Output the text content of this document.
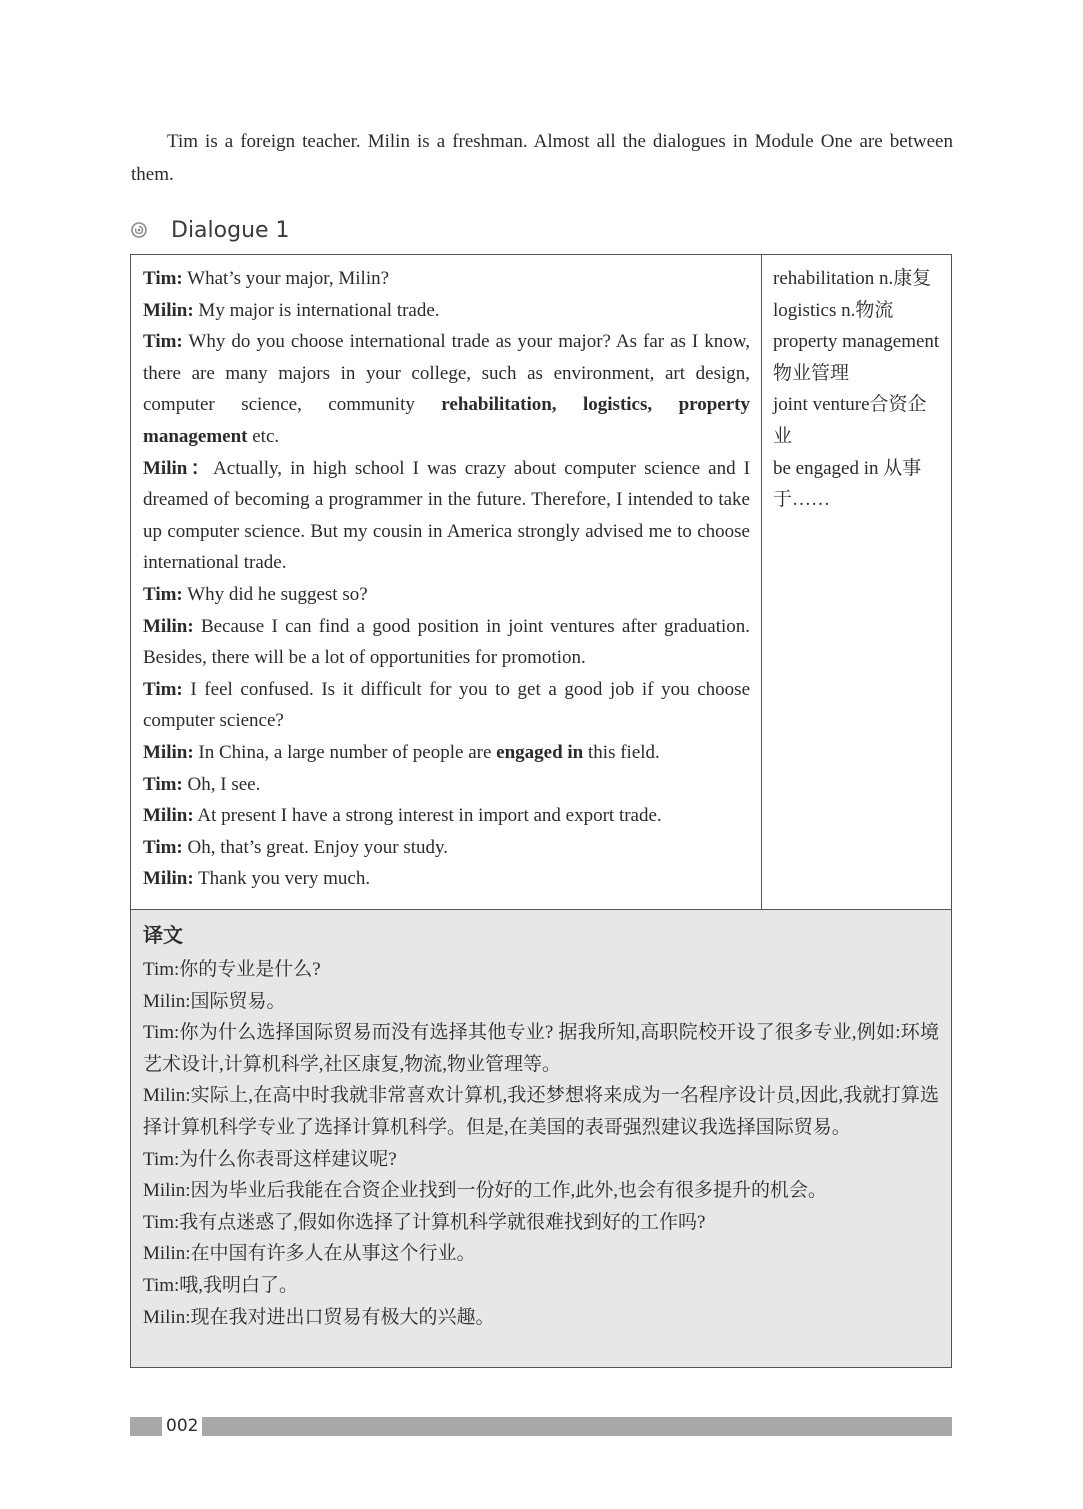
Tim is a foreign teacher. Milin is a freshman. Almost all the dialogues in Module One are between them.

Dialogue 1

Tim: What’s your major, Milin?

Milin: My major is international trade.

Tim: Why do you choose international trade as your major? As far as I know, there are many majors in your college, such as environment, art design, computer science, community rehabilitation, logistics, property management etc.

Milin：Actually, in high school I was crazy about computer science and I dreamed of becoming a programmer in the future. Therefore, I intended to take up computer science. But my cousin in America strongly advised me to choose international trade.

Tim: Why did he suggest so?

Milin: Because I can find a good position in joint ventures after graduation. Besides, there will be a lot of opportunities for promotion.

Tim: I feel confused. Is it difficult for you to get a good job if you choose computer science?

Milin: In China, a large number of people are engaged in this field.

Tim: Oh, I see.

Milin: At present I have a strong interest in import and export trade.

Tim: Oh, that’s great. Enjoy your study.

Milin: Thank you very much.

rehabilitation n.康复

logistics n.物流

property management物业管理

joint venture合资企业

be engaged in 从事于……

译文

Tim:你的专业是什么?

Milin:国际贸易。

Tim:你为什么选择国际贸易而没有选择其他专业? 据我所知,高职院校开设了很多专业,例如:环境艺术设计,计算机科学,社区康复,物流,物业管理等。

Milin:实际上,在高中时我就非常喜欢计算机,我还梦想将来成为一名程序设计员,因此,我就打算选择计算机科学专业了选择计算机科学。但是,在美国的表哥强烈建议我选择国际贸易。

Tim:为什么你表哥这样建议呢?

Milin:因为毕业后我能在合资企业找到一份好的工作,此外,也会有很多提升的机会。

Tim:我有点迷惑了,假如你选择了计算机科学就很难找到好的工作吗?

Milin:在中国有许多人在从事这个行业。

Tim:哦,我明白了。

Milin:现在我对进出口贸易有极大的兴趣。

002
